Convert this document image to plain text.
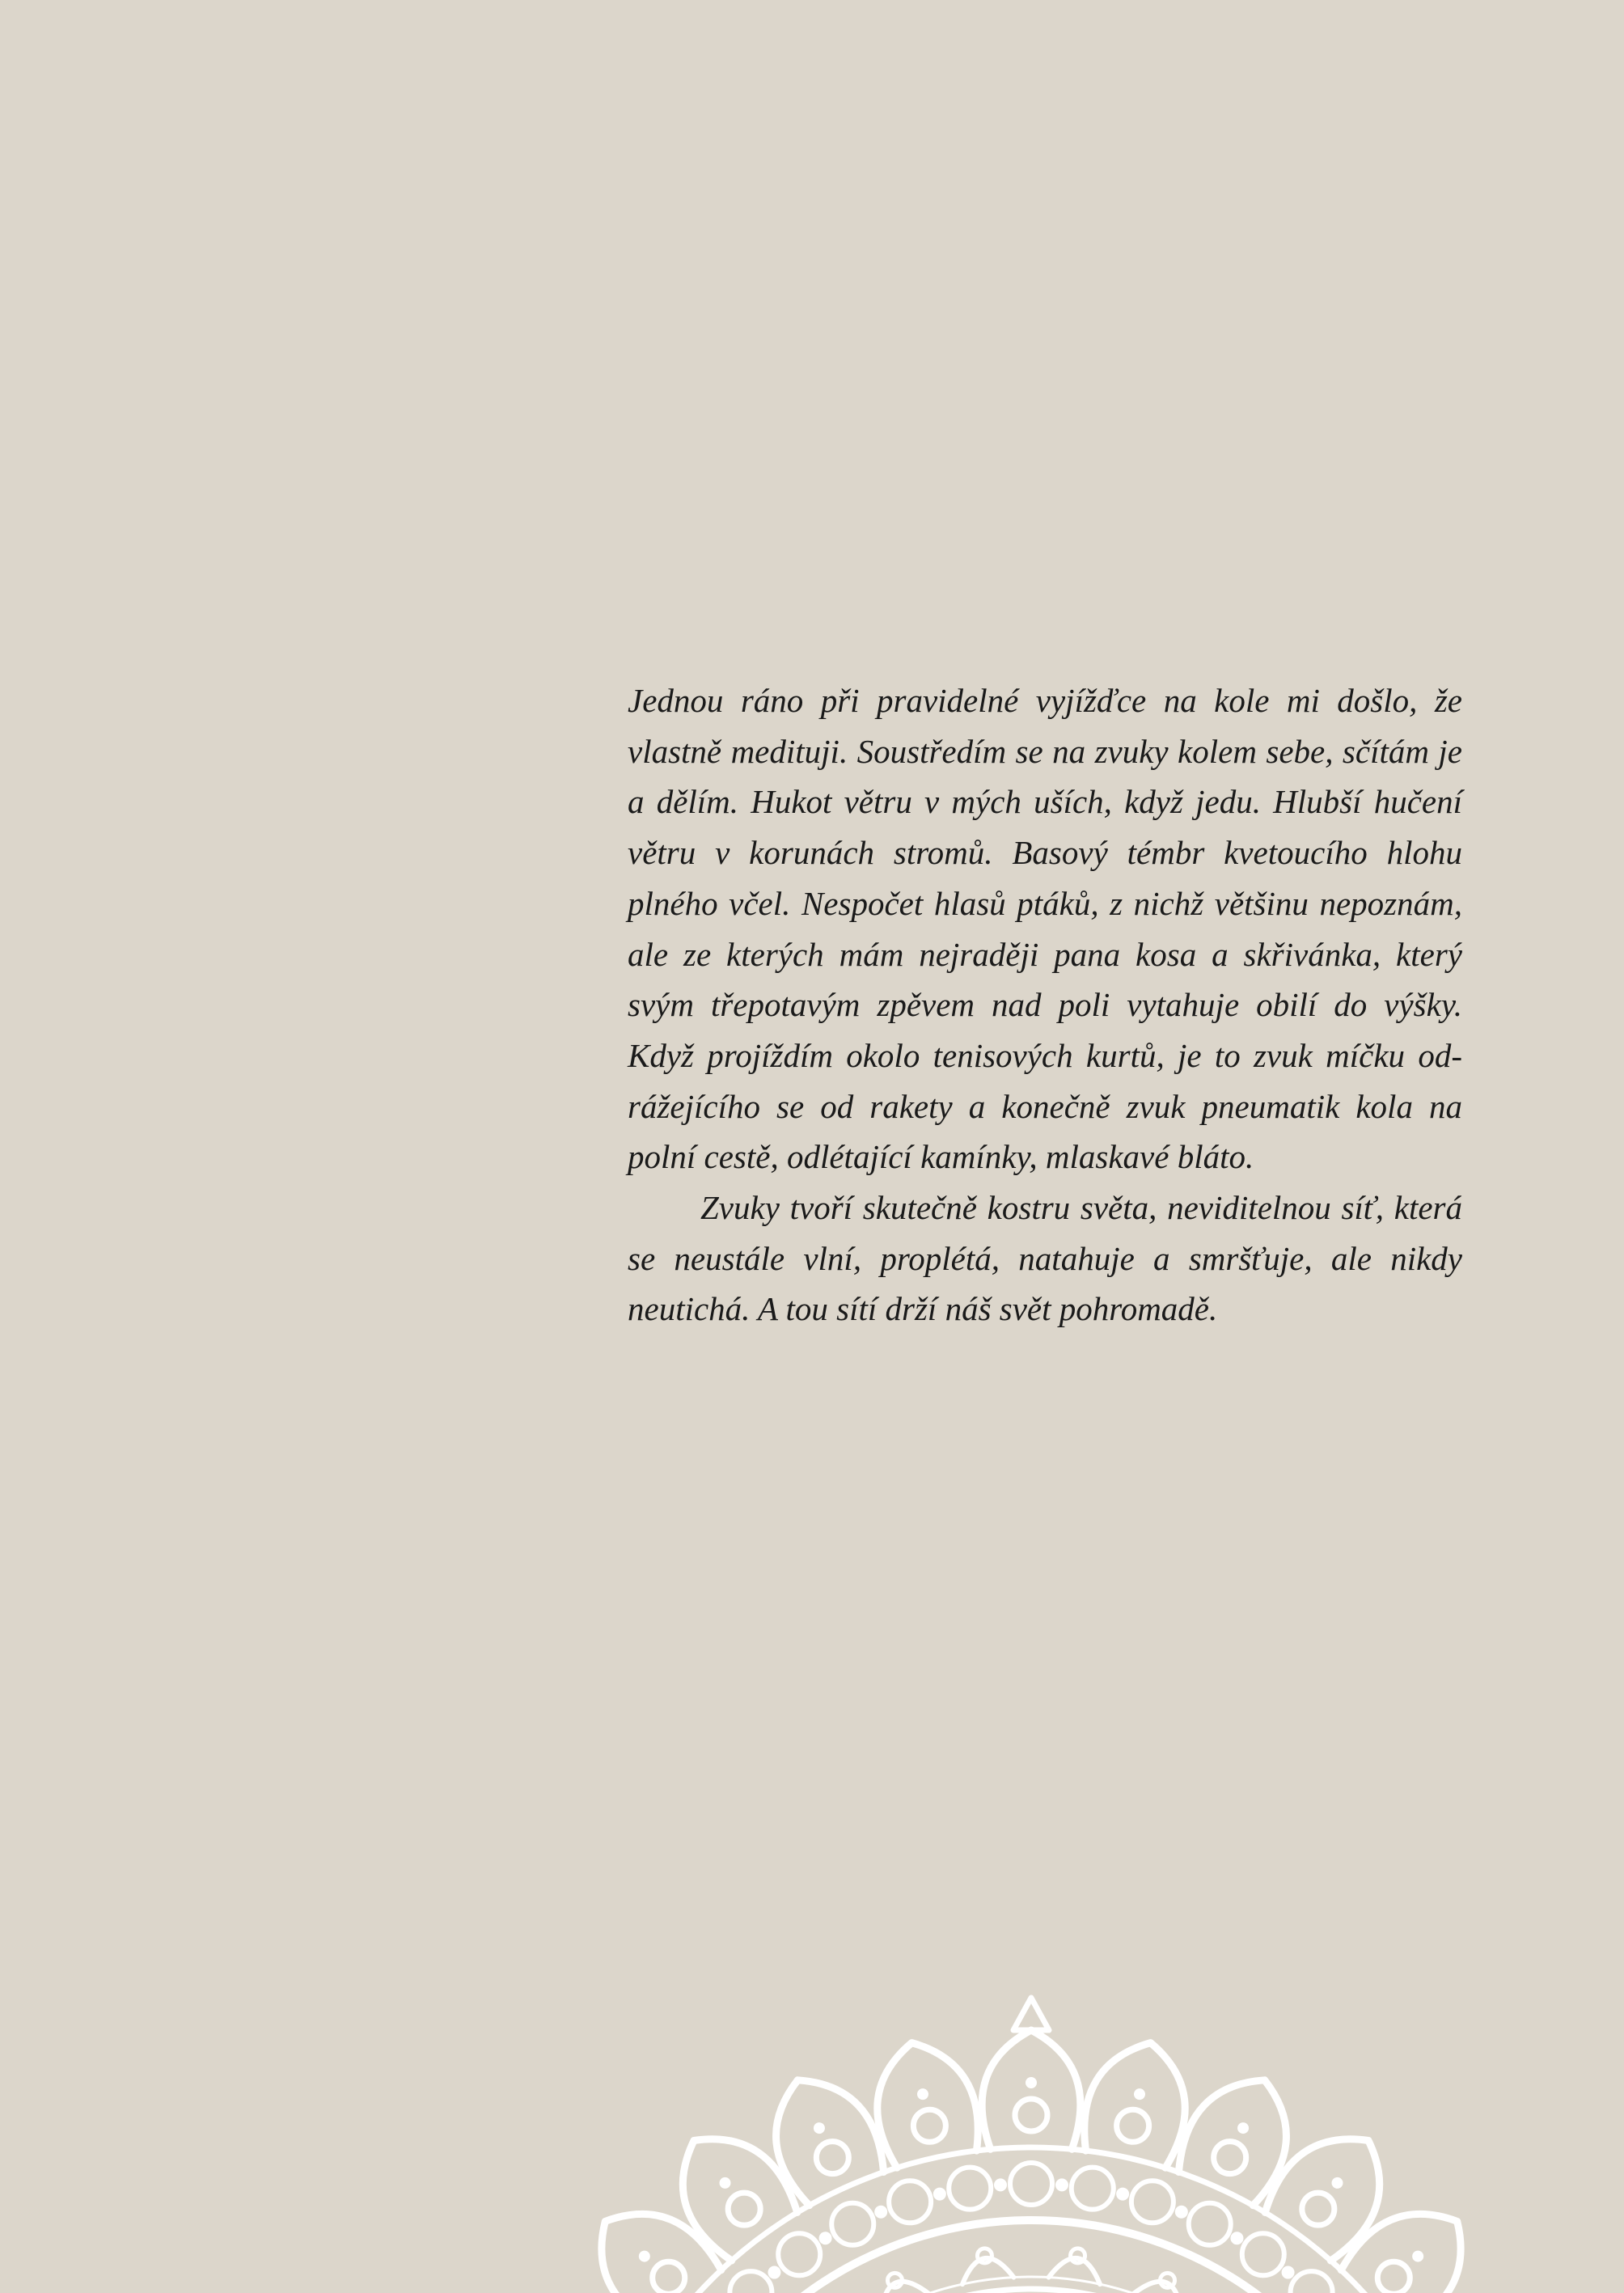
Jednou ráno při pravidelné vyjížďce na kole mi došlo, že vlastně medituji. Soustředím se na zvuky kolem sebe, sčítám je a dělím. Hukot větru v mých uších, když jedu. Hlubší hučení větru v korunách stromů. Basový témbr kvetoucího hlohu plného včel. Nespočet hlasů ptáků, z nichž většinu nepoznám, ale ze kterých mám nejraději pana kosa a skřivánka, který svým třepotavým zpěvem nad poli vytahuje obilí do výšky. Když projíždím okolo tenisových kurtů, je to zvuk míčku odrážejícího se od rakety a konečně zvuk pneumatik kola na polní cestě, odlétající kamínky, mlaskavé bláto.

Zvuky tvoří skutečně kostru světa, neviditelnou síť, která se neustále vlní, proplétá, natahuje a smršťuje, ale nikdy neutichá. A tou sítí drží náš svět pohromadě.
